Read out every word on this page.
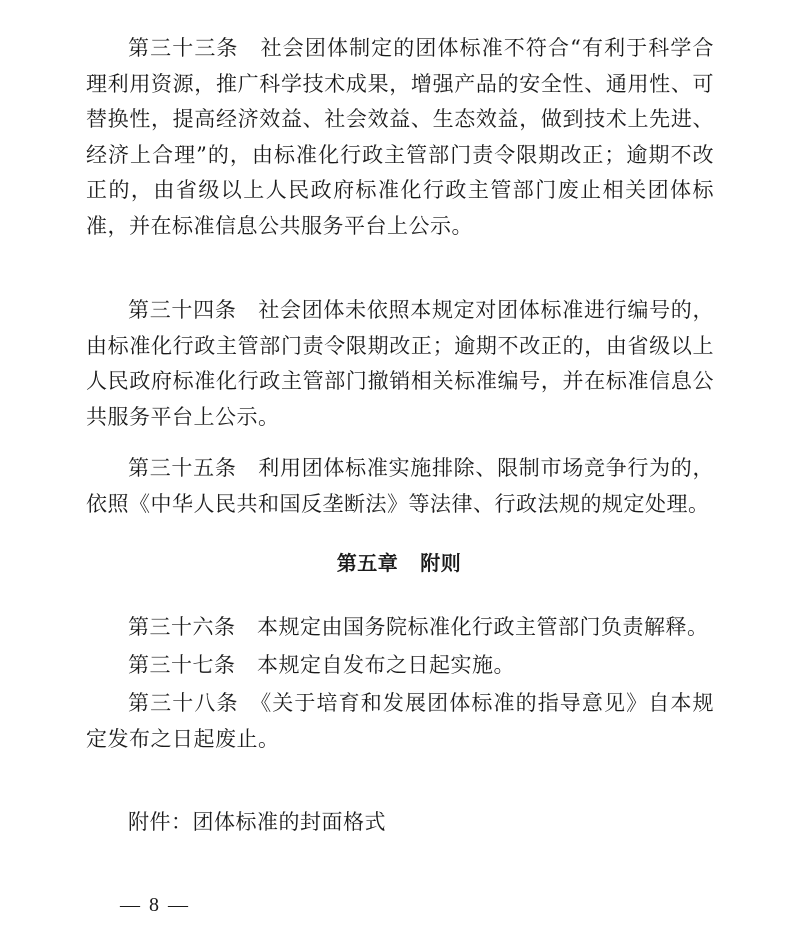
第三十三条　社会团体制定的团体标准不符合“有利于科学合理利用资源，推广科学技术成果，增强产品的安全性、通用性、可替换性，提高经济效益、社会效益、生态效益，做到技术上先进、经济上合理”的，由标准化行政主管部门责令限期改正；逾期不改正的，由省级以上人民政府标准化行政主管部门废止相关团体标准，并在标准信息公共服务平台上公示。

第三十四条　社会团体未依照本规定对团体标准进行编号的，由标准化行政主管部门责令限期改正；逾期不改正的，由省级以上人民政府标准化行政主管部门撤销相关标准编号，并在标准信息公共服务平台上公示。

第三十五条　利用团体标准实施排除、限制市场竞争行为的，依照《中华人民共和国反垄断法》等法律、行政法规的规定处理。

第五章 附则

第三十六条　本规定由国务院标准化行政主管部门负责解释。

第三十七条　本规定自发布之日起实施。

第三十八条　《关于培育和发展团体标准的指导意见》自本规定发布之日起废止。

附件：团体标准的封面格式

— 8 —
